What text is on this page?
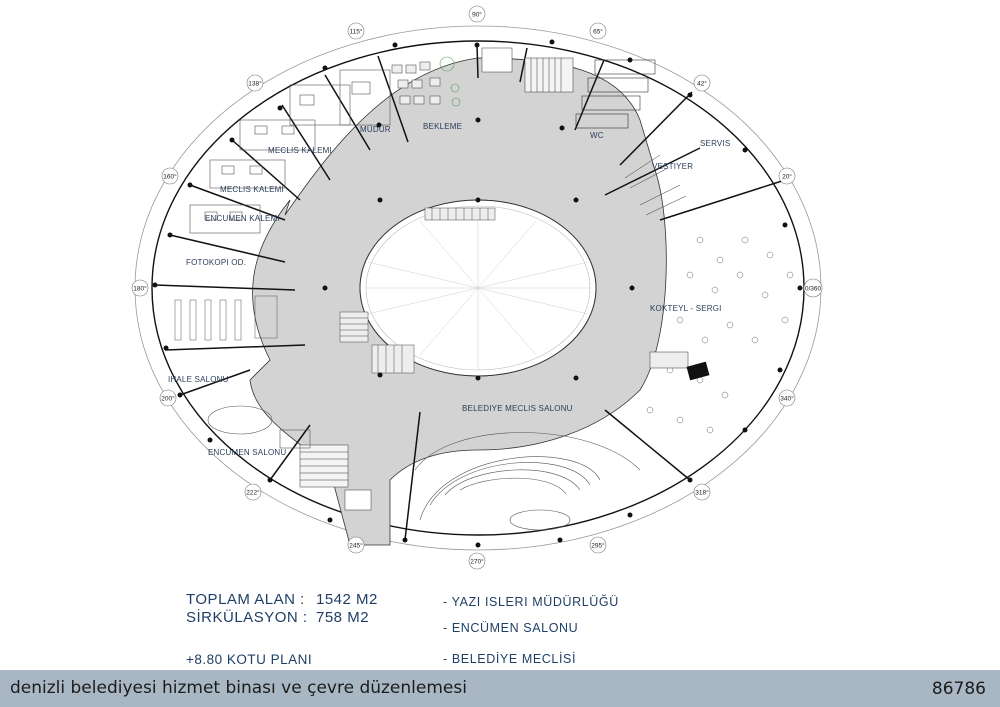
90°
115°	65°
138°	42°
160°	20°
180°	0/360
200°	340°
222°	318°
245°	295°
270°
MÜDÜR	BEKLEME
WC
SERVIS
VESTIYER
MECLIS KALEMI
MECLIS KALEMI
ENCUMEN KALEMI
FOTOKOPI OD.
KOKTEYL - SERGI
IHALE SALONU
ENCUMEN SALONU
BELEDIYE MECLIS SALONU
TOPLAM ALAN : 1542 M2
SİRKÜLASYON : 758 M2
+8.80 KOTU PLANI
- YAZI ISLERI MÜDÜRLÜĞÜ
- ENCÜMEN SALONU
- BELEDİYE MECLİSİ
denizli belediyesi hizmet binası ve çevre düzenlemesi	86786
